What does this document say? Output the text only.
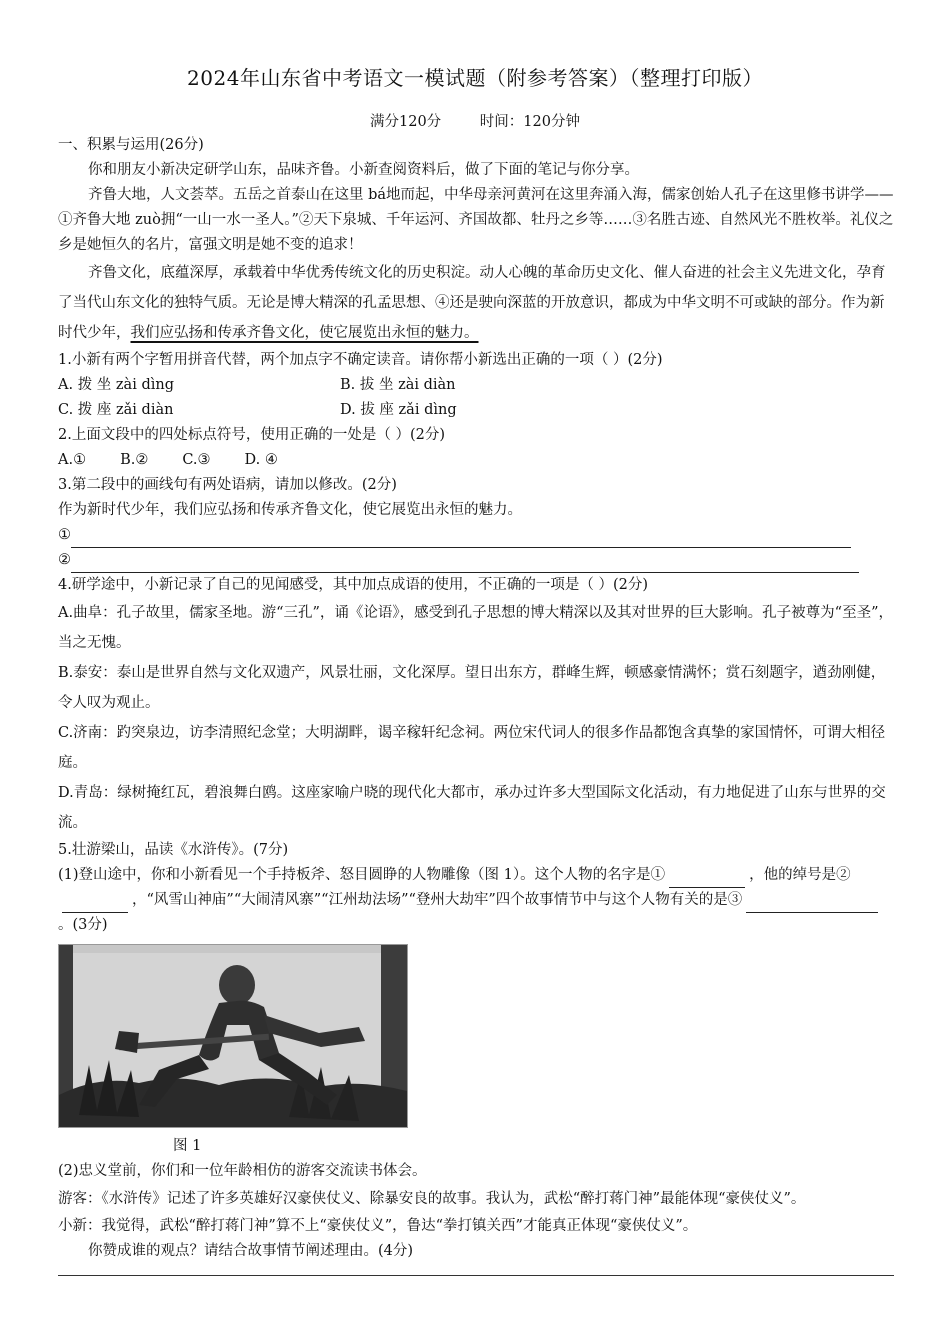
2024年山东省中考语文一模试题（附参考答案）（整理打印版）
满分120分	时间：120分钟

一、积累与运用(26分)

你和朋友小新决定研学山东，品味齐鲁。小新查阅资料后，做了下面的笔记与你分享。

齐鲁大地，人文荟萃。五岳之首泰山在这里 bá地而起，中华母亲河黄河在这里奔涌入海，儒家创始人孔子在这里修书讲学——①齐鲁大地 zuò拥“一山一水一圣人。”②天下泉城、千年运河、齐国故都、牡丹之乡等……③名胜古迹、自然风光不胜枚举。礼仪之乡是她恒久的名片，富强文明是她不变的追求！

齐鲁文化，底蕴深厚，承载着中华优秀传统文化的历史积淀。动人心魄的革命历史文化、催人奋进的社会主义先进文化，孕育了当代山东文化的独特气质。无论是博大精深的孔孟思想、④还是驶向深蓝的开放意识，都成为中华文明不可或缺的部分。作为新时代少年，我们应弘扬和传承齐鲁文化，使它展览出永恒的魅力。

1.小新有两个字暂用拼音代替，两个加点字不确定读音。请你帮小新选出正确的一项（ ）(2分)

A. 拨 坐 zài dìng	B. 拔 坐 zài diàn
C. 拨 座 zǎi diàn	D. 拔 座 zǎi dìng

2.上面文段中的四处标点符号，使用正确的一处是（ ）(2分)

A.① B.② C.③ D. ④

3.第二段中的画线句有两处语病，请加以修改。(2分)

作为新时代少年，我们应弘扬和传承齐鲁文化，使它展览出永恒的魅力。

①

②

4.研学途中，小新记录了自己的见闻感受，其中加点成语的使用，不正确的一项是（ ）(2分)

A.曲阜：孔子故里，儒家圣地。游“三孔”，诵《论语》，感受到孔子思想的博大精深以及其对世界的巨大影响。孔子被尊为“至圣”，当之无愧。

B.泰安：泰山是世界自然与文化双遗产，风景壮丽，文化深厚。望日出东方，群峰生辉，顿感豪情满怀；赏石刻题字，遒劲刚健，令人叹为观止。

C.济南：趵突泉边，访李清照纪念堂；大明湖畔，谒辛稼轩纪念祠。两位宋代词人的很多作品都饱含真挚的家国情怀，可谓大相径庭。

D.青岛：绿树掩红瓦，碧浪舞白鸥。这座家喻户晓的现代化大都市，承办过许多大型国际文化活动，有力地促进了山东与世界的交流。

5.壮游梁山，品读《水浒传》。(7分)

(1)登山途中，你和小新看见一个手持板斧、怒目圆睁的人物雕像（图 1）。这个人物的名字是①	，他的绰号是②，“风雪山神庙”“大闹清风寨”“江州劫法场”“登州大劫牢”四个故事情节中与这个人物有关的是③。(3分)

图 1

(2)忠义堂前，你们和一位年龄相仿的游客交流读书体会。

游客：《水浒传》记述了许多英雄好汉豪侠仗义、除暴安良的故事。我认为，武松“醉打蒋门神”最能体现“豪侠仗义”。

小新：我觉得，武松“醉打蒋门神”算不上“豪侠仗义”，鲁达“拳打镇关西”才能真正体现“豪侠仗义”。

你赞成谁的观点？请结合故事情节阐述理由。(4分)
